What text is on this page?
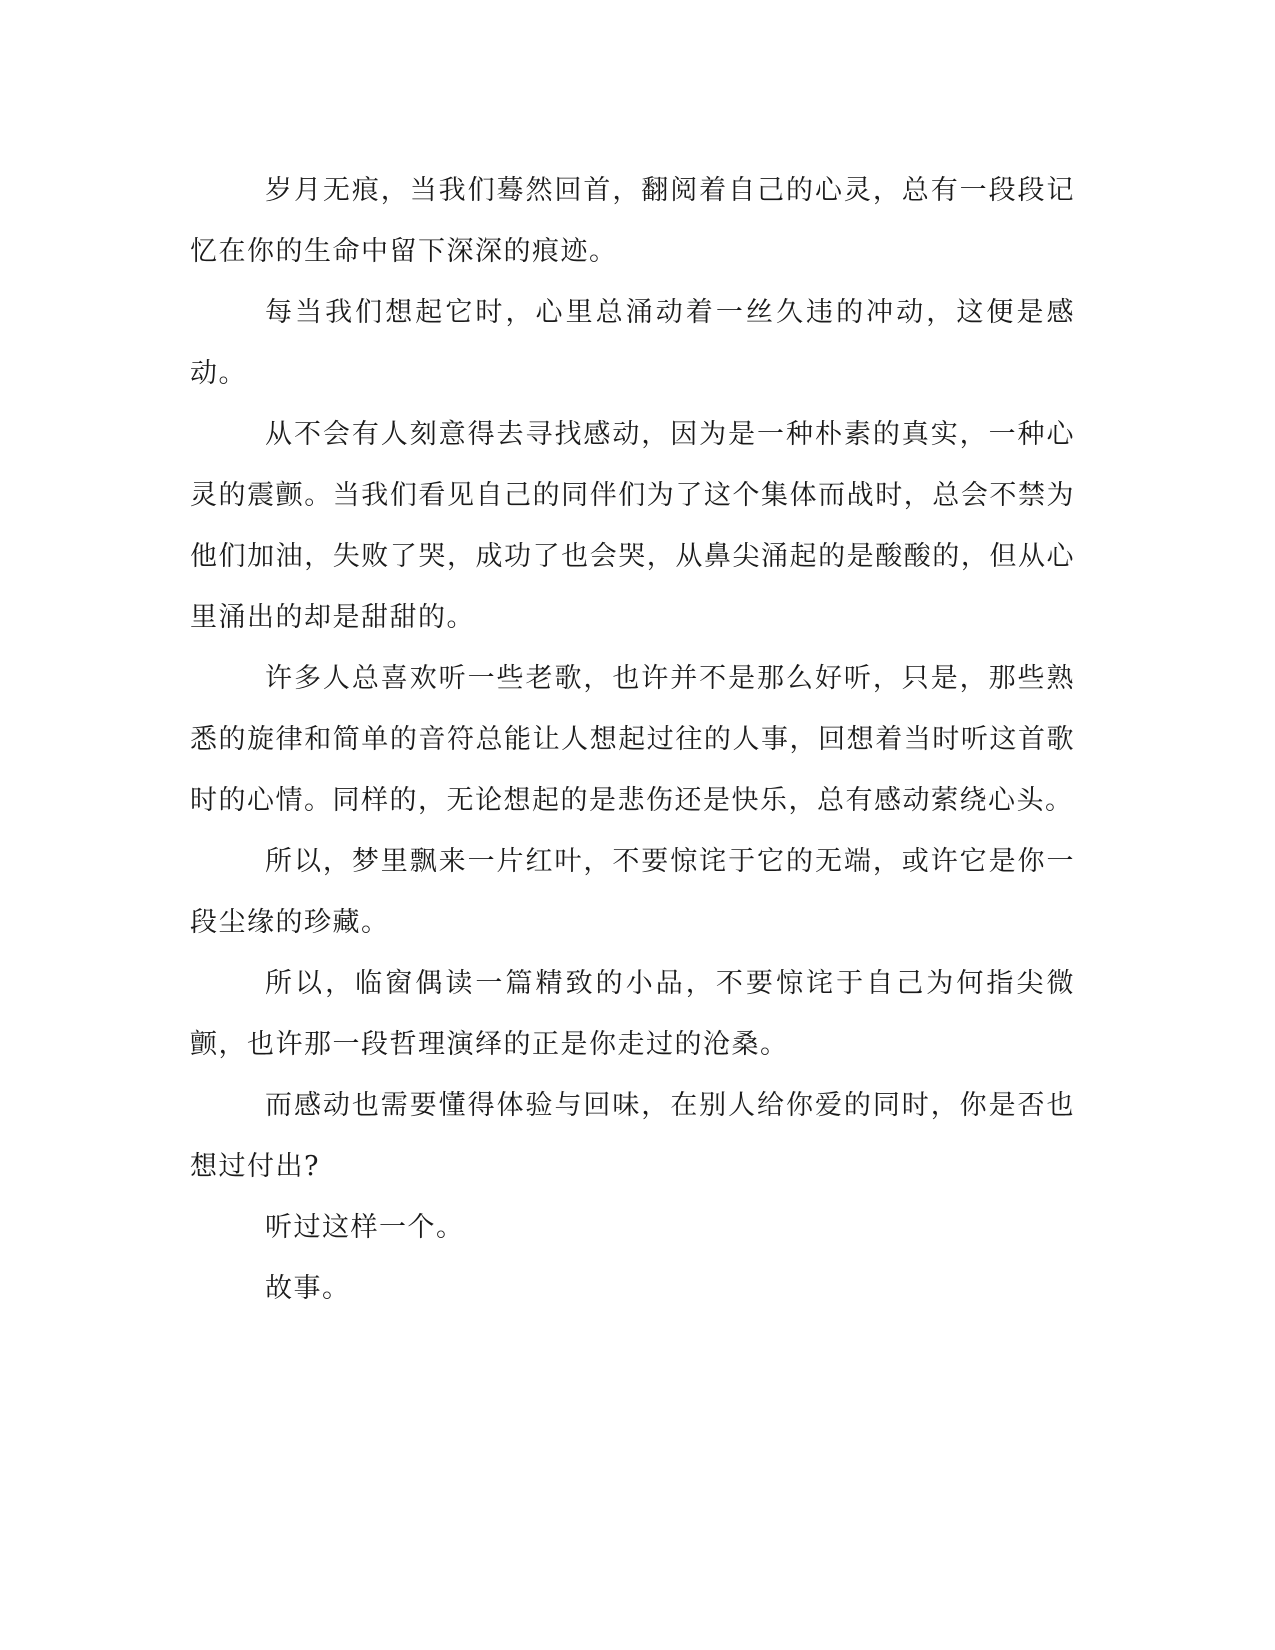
岁月无痕，当我们蓦然回首，翻阅着自己的心灵，总有一段段记忆在你的生命中留下深深的痕迹。

每当我们想起它时，心里总涌动着一丝久违的冲动，这便是感动。

从不会有人刻意得去寻找感动，因为是一种朴素的真实，一种心灵的震颤。当我们看见自己的同伴们为了这个集体而战时，总会不禁为他们加油，失败了哭，成功了也会哭，从鼻尖涌起的是酸酸的，但从心里涌出的却是甜甜的。

许多人总喜欢听一些老歌，也许并不是那么好听，只是，那些熟悉的旋律和简单的音符总能让人想起过往的人事，回想着当时听这首歌时的心情。同样的，无论想起的是悲伤还是快乐，总有感动萦绕心头。

所以，梦里飘来一片红叶，不要惊诧于它的无端，或许它是你一段尘缘的珍藏。

所以，临窗偶读一篇精致的小品，不要惊诧于自己为何指尖微颤，也许那一段哲理演绎的正是你走过的沧桑。

而感动也需要懂得体验与回味，在别人给你爱的同时，你是否也想过付出?

听过这样一个。

故事。
